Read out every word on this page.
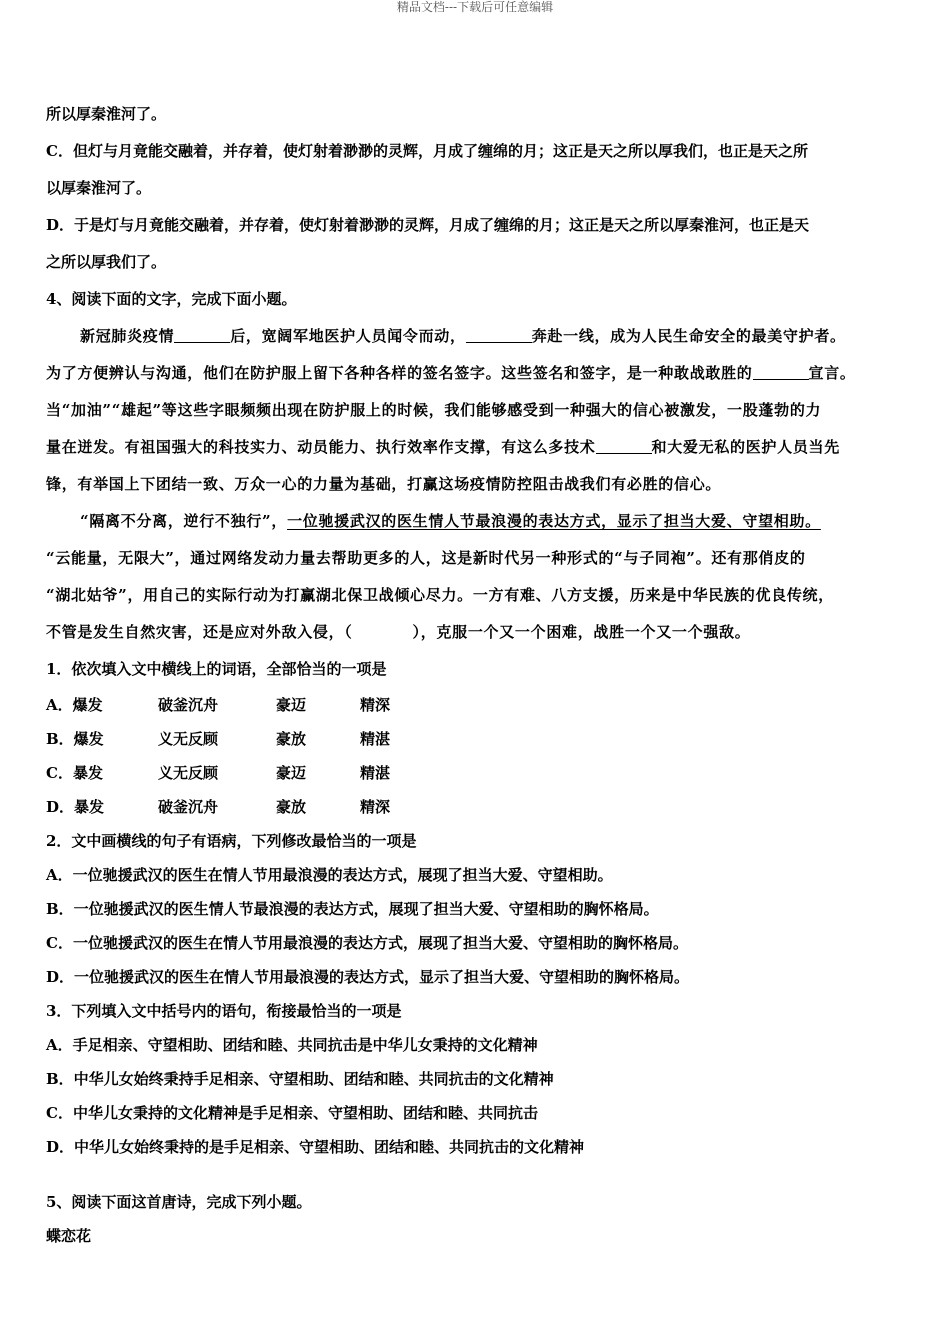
精品文档---下载后可任意编辑

所以厚秦淮河了。

C．但灯与月竟能交融着，并存着，使灯射着渺渺的灵辉，月成了缠绵的月；这正是天之所以厚我们，也正是天之所

以厚秦淮河了。

D．于是灯与月竟能交融着，并存着，使灯射着渺渺的灵辉，月成了缠绵的月；这正是天之所以厚秦淮河，也正是天

之所以厚我们了。

4、阅读下面的文字，完成下面小题。

新冠肺炎疫情	后，宽阔军地医护人员闻令而动，	奔赴一线，成为人民生命安全的最美守护者。

为了方便辨认与沟通，他们在防护服上留下各种各样的签名签字。这些签名和签字，是一种敢战敢胜的	宣言。

当“加油”“雄起”等这些字眼频频出现在防护服上的时候，我们能够感受到一种强大的信心被激发，一股蓬勃的力

量在迸发。有祖国强大的科技实力、动员能力、执行效率作支撑，有这么多技术	和大爱无私的医护人员当先

锋，有举国上下团结一致、万众一心的力量为基础，打赢这场疫情防控阻击战我们有必胜的信心。

“隔离不分离，逆行不独行”，一位驰援武汉的医生情人节最浪漫的表达方式，显示了担当大爱、守望相助。

“云能量，无限大”，通过网络发动力量去帮助更多的人，这是新时代另一种形式的“与子同袍”。还有那俏皮的

“湖北姑爷”，用自己的实际行动为打赢湖北保卫战倾心尽力。一方有难、八方支援，历来是中华民族的优良传统，

不管是发生自然灾害，还是应对外敌入侵，（	），克服一个又一个困难，战胜一个又一个强敌。

1．依次填入文中横线上的词语，全部恰当的一项是

A．爆发	破釜沉舟	豪迈	精深
B．爆发	义无反顾	豪放	精湛
C．暴发	义无反顾	豪迈	精湛
D．暴发	破釜沉舟	豪放	精深

2．文中画横线的句子有语病，下列修改最恰当的一项是

A．一位驰援武汉的医生在情人节用最浪漫的表达方式，展现了担当大爱、守望相助。

B．一位驰援武汉的医生情人节最浪漫的表达方式，展现了担当大爱、守望相助的胸怀格局。

C．一位驰援武汉的医生在情人节用最浪漫的表达方式，展现了担当大爱、守望相助的胸怀格局。

D．一位驰援武汉的医生在情人节用最浪漫的表达方式，显示了担当大爱、守望相助的胸怀格局。

3．下列填入文中括号内的语句，衔接最恰当的一项是

A．手足相亲、守望相助、团结和睦、共同抗击是中华儿女秉持的文化精神

B．中华儿女始终秉持手足相亲、守望相助、团结和睦、共同抗击的文化精神

C．中华儿女秉持的文化精神是手足相亲、守望相助、团结和睦、共同抗击

D．中华儿女始终秉持的是手足相亲、守望相助、团结和睦、共同抗击的文化精神

5、阅读下面这首唐诗，完成下列小题。

蝶恋花
